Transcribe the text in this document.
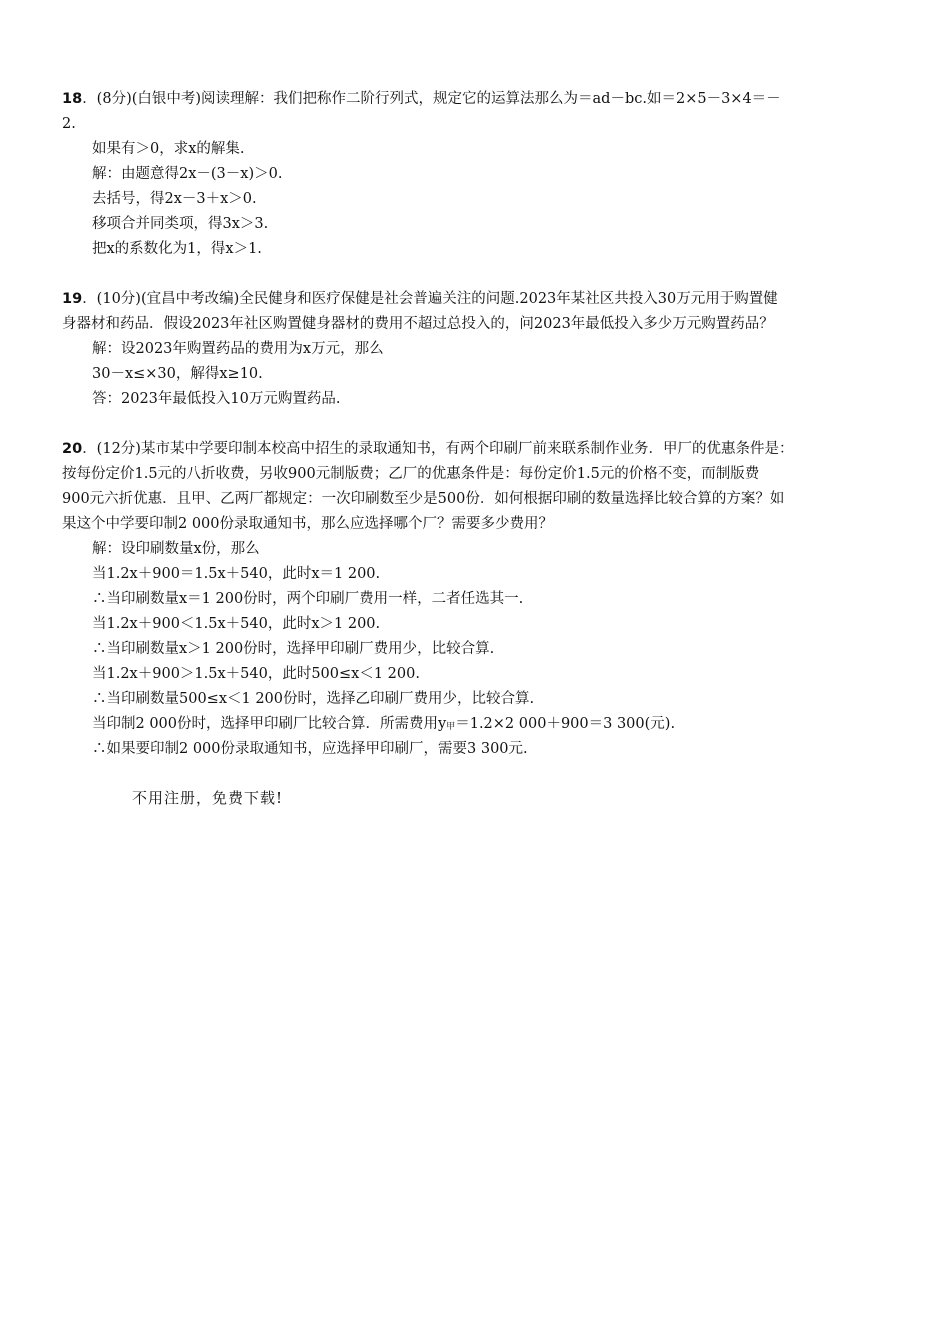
18．(8分)(白银中考)阅读理解：我们把称作二阶行列式，规定它的运算法那么为＝ad－bc.如＝2×5－3×4＝－
2.
如果有＞0，求x的解集.
解：由题意得2x－(3－x)＞0.
去括号，得2x－3＋x＞0.
移项合并同类项，得3x＞3.
把x的系数化为1，得x＞1.
19．(10分)(宜昌中考改编)全民健身和医疗保健是社会普遍关注的问题.2023年某社区共投入30万元用于购置健
身器材和药品．假设2023年社区购置健身器材的费用不超过总投入的，问2023年最低投入多少万元购置药品？
解：设2023年购置药品的费用为x万元，那么
30－x≤×30，解得x≥10.
答：2023年最低投入10万元购置药品.
20．(12分)某市某中学要印制本校高中招生的录取通知书，有两个印刷厂前来联系制作业务．甲厂的优惠条件是：
按每份定价1.5元的八折收费，另收900元制版费；乙厂的优惠条件是：每份定价1.5元的价格不变，而制版费
900元六折优惠．且甲、乙两厂都规定：一次印刷数至少是500份．如何根据印刷的数量选择比较合算的方案？如
果这个中学要印制2 000份录取通知书，那么应选择哪个厂？需要多少费用？
解：设印刷数量x份，那么
当1.2x＋900＝1.5x＋540，此时x＝1 200.
∴当印刷数量x＝1 200份时，两个印刷厂费用一样，二者任选其一.
当1.2x＋900＜1.5x＋540，此时x＞1 200.
∴当印刷数量x＞1 200份时，选择甲印刷厂费用少，比较合算.
当1.2x＋900＞1.5x＋540，此时500≤x＜1 200.
∴当印刷数量500≤x＜1 200份时，选择乙印刷厂费用少，比较合算.
当印制2 000份时，选择甲印刷厂比较合算．所需费用$y_甲=1.2\times 2$ 000＋900＝3 300(元).
∴如果要印制2 000份录取通知书，应选择甲印刷厂，需要3 300元.
不用注册，免费下载!
